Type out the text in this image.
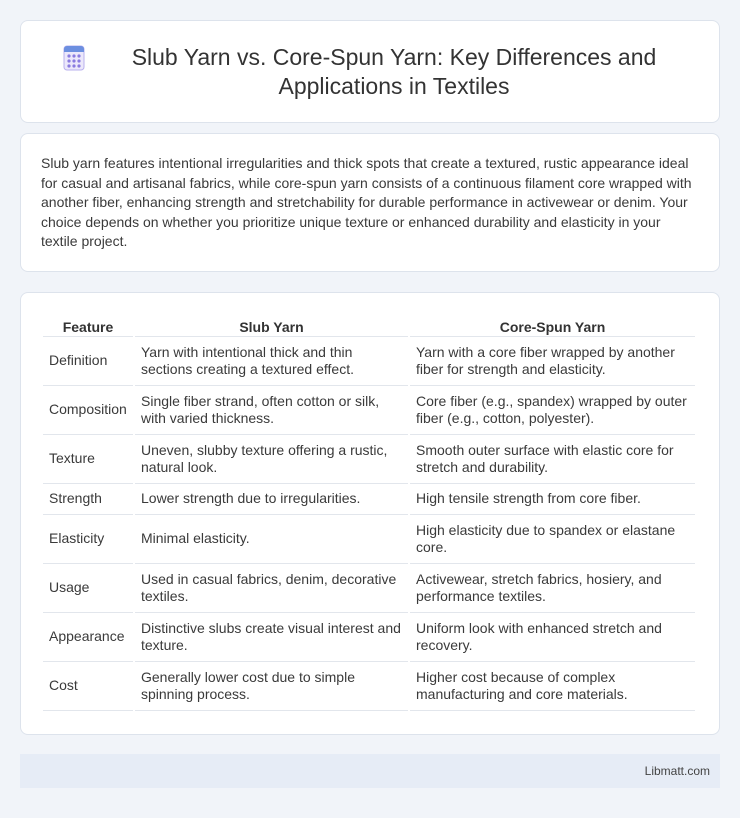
Slub Yarn vs. Core-Spun Yarn: Key Differences and Applications in Textiles

Slub yarn features intentional irregularities and thick spots that create a textured, rustic appearance ideal for casual and artisanal fabrics, while core-spun yarn consists of a continuous filament core wrapped with another fiber, enhancing strength and stretchability for durable performance in activewear or denim. Your choice depends on whether you prioritize unique texture or enhanced durability and elasticity in your textile project.

Feature	Slub Yarn	Core-Spun Yarn
Definition	Yarn with intentional thick and thin sections creating a textured effect.	Yarn with a core fiber wrapped by another fiber for strength and elasticity.
Composition	Single fiber strand, often cotton or silk, with varied thickness.	Core fiber (e.g., spandex) wrapped by outer fiber (e.g., cotton, polyester).
Texture	Uneven, slubby texture offering a rustic, natural look.	Smooth outer surface with elastic core for stretch and durability.
Strength	Lower strength due to irregularities.	High tensile strength from core fiber.
Elasticity	Minimal elasticity.	High elasticity due to spandex or elastane core.
Usage	Used in casual fabrics, denim, decorative textiles.	Activewear, stretch fabrics, hosiery, and performance textiles.
Appearance	Distinctive slubs create visual interest and texture.	Uniform look with enhanced stretch and recovery.
Cost	Generally lower cost due to simple spinning process.	Higher cost because of complex manufacturing and core materials.
Libmatt.com
